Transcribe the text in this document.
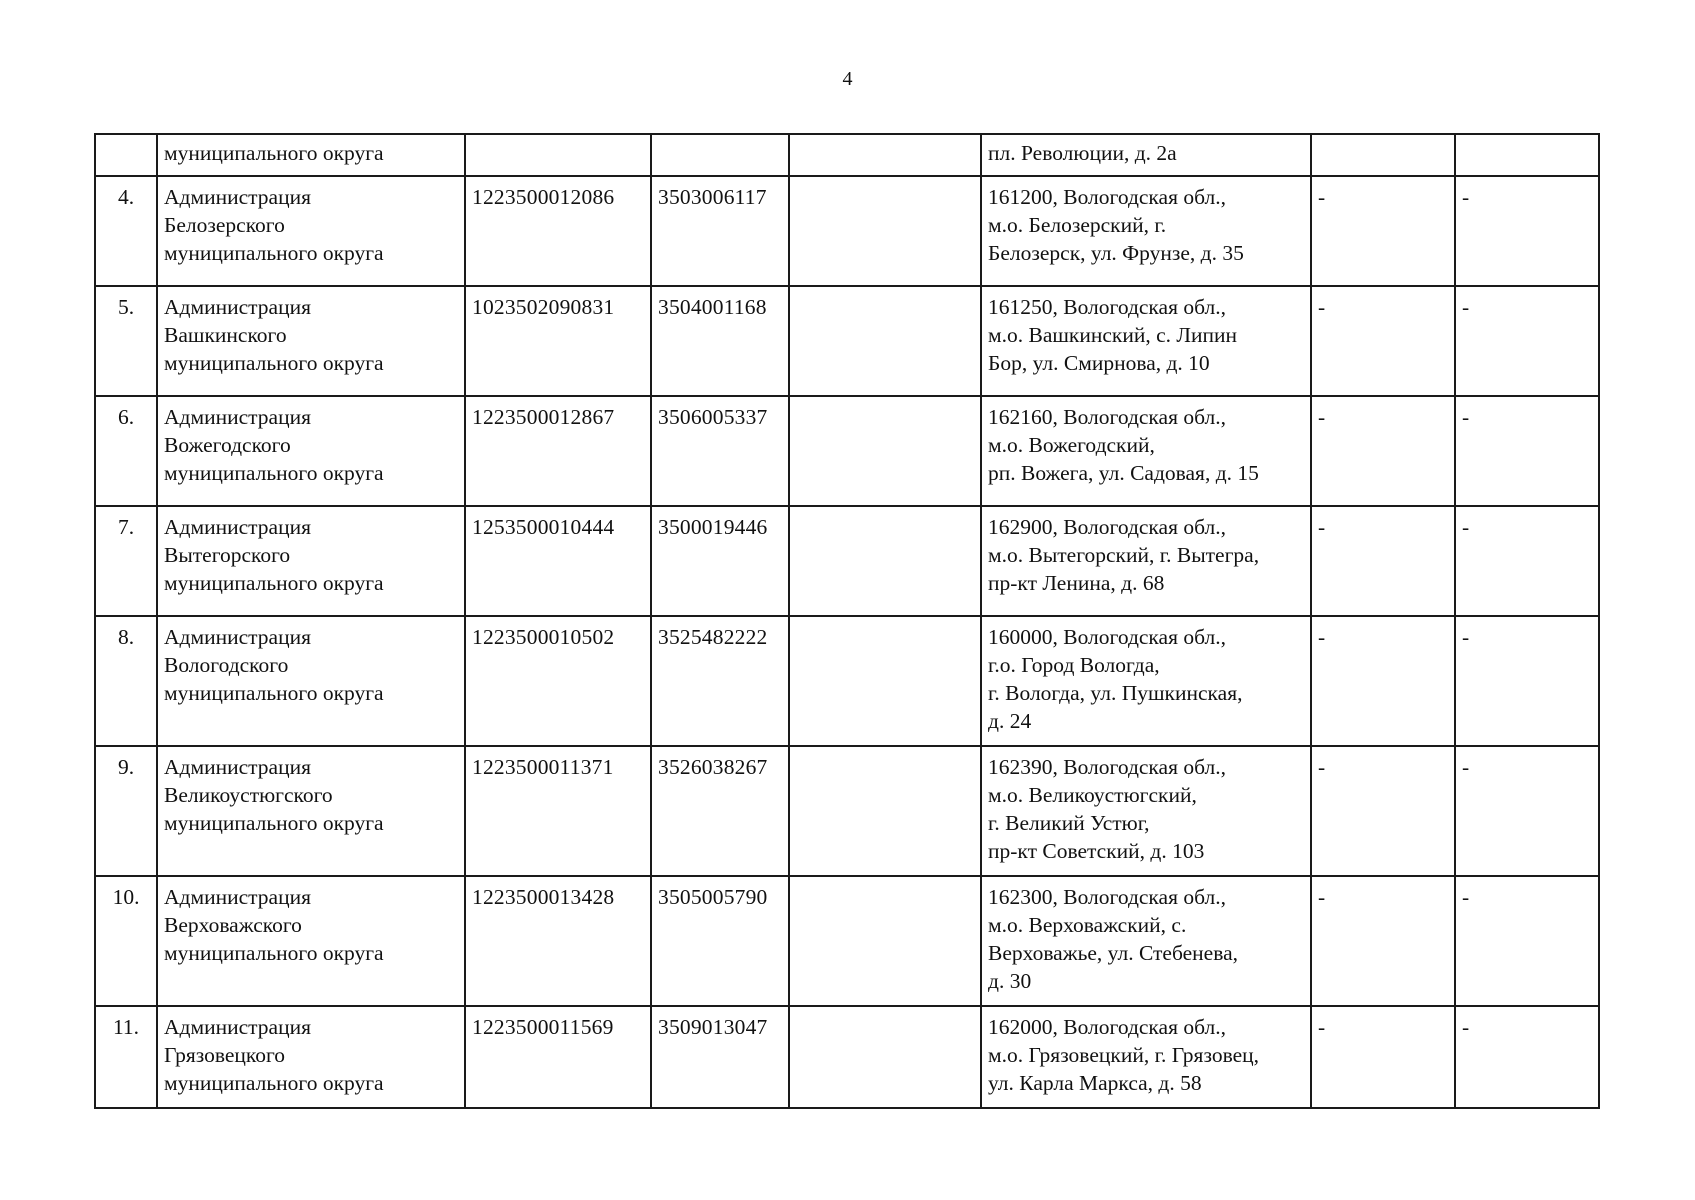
4

	муниципального округа				пл. Революции, д. 2а		

4.	Администрация
Белозерского
муниципального округа	1223500012086	3503006117		161200, Вологодская обл.,
м.о. Белозерский, г.
Белозерск, ул. Фрунзе, д. 35	-	-
5.	Администрация
Вашкинского
муниципального округа	1023502090831	3504001168		161250, Вологодская обл.,
м.о. Вашкинский, с. Липин
Бор, ул. Смирнова, д. 10	-	-
6.	Администрация
Вожегодского
муниципального округа	1223500012867	3506005337		162160, Вологодская обл.,
м.о. Вожегодский,
рп. Вожега, ул. Садовая, д. 15	-	-
7.	Администрация
Вытегорского
муниципального округа	1253500010444	3500019446		162900, Вологодская обл.,
м.о. Вытегорский, г. Вытегра,
пр-кт Ленина, д. 68	-	-
8.	Администрация
Вологодского
муниципального округа	1223500010502	3525482222		160000, Вологодская обл.,
г.о. Город Вологда,
г. Вологда, ул. Пушкинская,
д. 24	-	-
9.	Администрация
Великоустюгского
муниципального округа	1223500011371	3526038267		162390, Вологодская обл.,
м.о. Великоустюгский,
г. Великий Устюг,
пр-кт Советский, д. 103	-	-
10.	Администрация
Верховажского
муниципального округа	1223500013428	3505005790		162300, Вологодская обл.,
м.о. Верховажский, с.
Верховажье, ул. Стебенева,
д. 30	-	-
11.	Администрация
Грязовецкого
муниципального округа	1223500011569	3509013047		162000, Вологодская обл.,
м.о. Грязовецкий, г. Грязовец,
ул. Карла Маркса, д. 58	-	-
